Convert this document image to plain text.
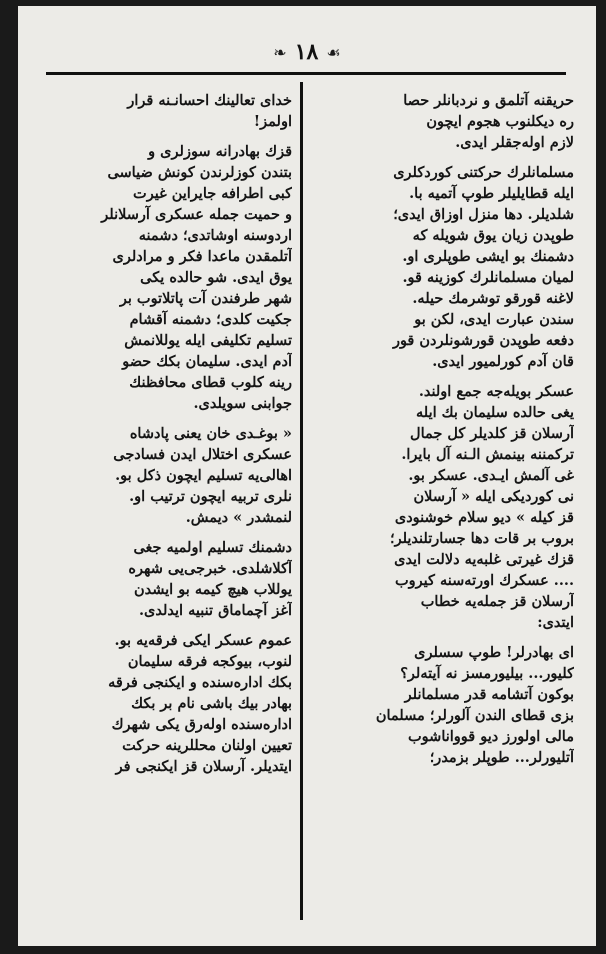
❧ ١٨ ☙

حریقنه آتلمق و نردبانلر حصا
ره دیکلنوب هجوم ایچون
لازم اوله‌جقلر ایدی.

مسلمانلرك حركتنی كوردكلری
ایله قطایلیلر طوپ آتمیه با.
شلدیلر. دها منزل اوزاق ایدی؛
طوپدن زیان یوق شویله كه
دشمنك بو ایشی طوپلری او.
لمیان مسلمانلرك كوزینه قو.
لاغنه قورقو توشرمك حیله.
سندن عبارت ایدی، لكن بو
دفعه طوپدن قورشونلردن قور
قان آدم كورلمیور ایدی.

عسكر بویله‌جه جمع اولند.
یغی حالده سلیمان بك ایله
آرسلان قز كلدیلر كل جمال
تركمننه بینمش الـنه آل بایرا.
غی آلمش ایـدی. عسكر بو.
نی كوردیكی ایله « آرسلان
قز كیله » دیو سلام خوشنودی
بروب بر قات دها جسارتلندیلر؛
قزك غیرتی غلبه‌یه دلالت ایدی
.... عسكرك اورته‌سنه كیروب
آرسلان قز جمله‌یه خطاب
ایتدی:

ای بهادرلر! طوپ سسلری
كلیور... بیلیورمسز نه آیته‌لر؟
بوكون آتشامه قدر مسلمانلر
بزی قطای الندن آلورلر؛ مسلمان
مالی اولورز دیو قوواناشوب
آتلیورلر... طوپلر بزمدر؛

خدای تعالینك احسانـنه قرار
اولمز!

قزك بهادرانه سوزلری و
بتندن كوزلرندن كونش ضیاسی
كبی اطرافه جایراین غیرت
و حمیت جمله عسكری آرسلانلر
اردوسنه اوشاتدی؛ دشمنه
آتلمقدن ماعدا فكر و مرادلری
یوق ایدی. شو حالده یكی
شهر طرفندن آت پاتلاتوب بر
جكیت كلدی؛ دشمنه آقشام
تسلیم تكلیفی ایله یوللانمش
آدم ایدی. سلیمان بكك حضو
رینه كلوب قطای محافظنك
جوابنی سویلدی.

« بوغـدی خان یعنی پادشاه
عسكری اختلال ایدن فسادجی
اهالی‌یه تسلیم ایچون ذكل بو.
نلری تربیه ایچون ترتیب او.
لنمشدر » دیمش.

دشمنك تسلیم اولمیه جغی
آكلاشلدی. خبرجی‌یی شهره
یوللاب هیچ كیمه بو ایشدن
آغز آچماماق تنبیه ایدلدی.

عموم عسكر ایكی فرقه‌یه بو.
لنوب، بیوكجه فرقه سلیمان
بكك اداره‌سنده و ایكنجی فرقه
بهادر بیك باشی نام بر بكك
اداره‌سنده اوله‌رق یكی شهرك
تعیین اولنان محللرینه حركت
ایتدیلر. آرسلان قز ایكنجی فر
